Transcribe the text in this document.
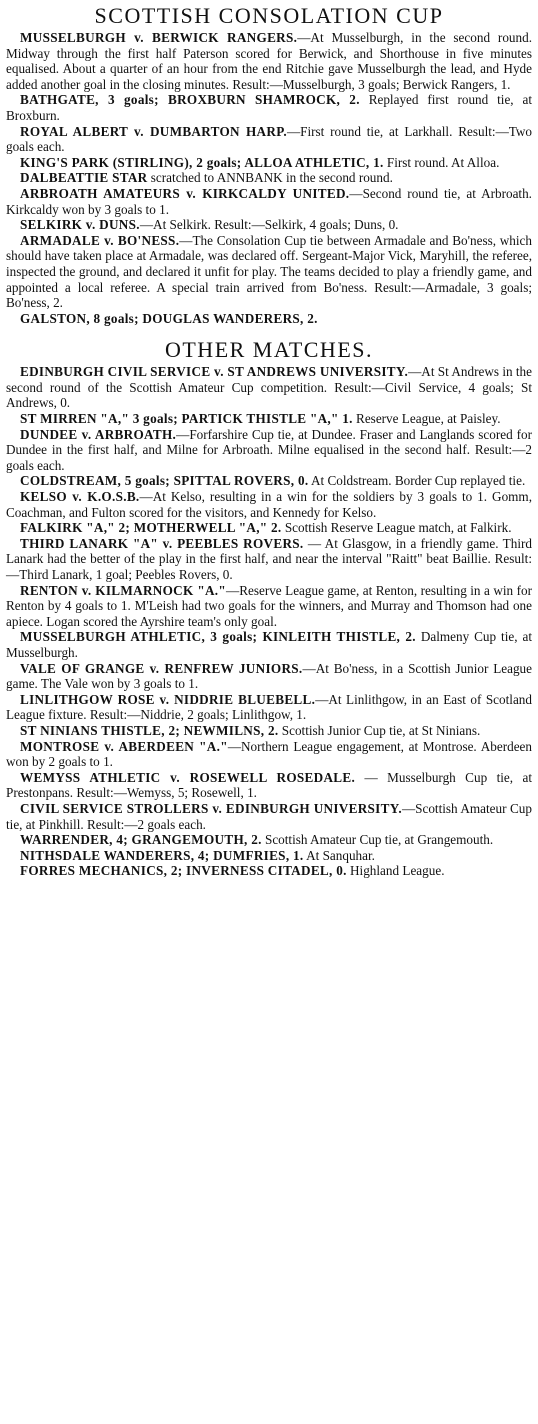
SCOTTISH CONSOLATION CUP

MUSSELBURGH v. BERWICK RANGERS.—At Musselburgh, in the second round. Midway through the first half Paterson scored for Berwick, and Shorthouse in five minutes equalised. About a quarter of an hour from the end Ritchie gave Musselburgh the lead, and Hyde added another goal in the closing minutes. Result:—Musselburgh, 3 goals; Berwick Rangers, 1.

BATHGATE, 3 goals; BROXBURN SHAMROCK, 2. Replayed first round tie, at Broxburn.

ROYAL ALBERT v. DUMBARTON HARP.—First round tie, at Larkhall. Result:—Two goals each.

KING'S PARK (STIRLING), 2 goals; ALLOA ATHLETIC, 1. First round. At Alloa.

DALBEATTIE STAR scratched to ANNBANK in the second round.

ARBROATH AMATEURS v. KIRKCALDY UNITED.—Second round tie, at Arbroath. Kirkcaldy won by 3 goals to 1.

SELKIRK v. DUNS.—At Selkirk. Result:—Selkirk, 4 goals; Duns, 0.

ARMADALE v. BO'NESS.—The Consolation Cup tie between Armadale and Bo'ness, which should have taken place at Armadale, was declared off. Sergeant-Major Vick, Maryhill, the referee, inspected the ground, and declared it unfit for play. The teams decided to play a friendly game, and appointed a local referee. A special train arrived from Bo'ness. Result:—Armadale, 3 goals; Bo'ness, 2.

GALSTON, 8 goals; DOUGLAS WANDERERS, 2.

OTHER MATCHES.

EDINBURGH CIVIL SERVICE v. ST ANDREWS UNIVERSITY.—At St Andrews in the second round of the Scottish Amateur Cup competition. Result:—Civil Service, 4 goals; St Andrews, 0.

ST MIRREN "A," 3 goals; PARTICK THISTLE "A," 1. Reserve League, at Paisley.

DUNDEE v. ARBROATH.—Forfarshire Cup tie, at Dundee. Fraser and Langlands scored for Dundee in the first half, and Milne for Arbroath. Milne equalised in the second half. Result:—2 goals each.

COLDSTREAM, 5 goals; SPITTAL ROVERS, 0. At Coldstream. Border Cup replayed tie.

KELSO v. K.O.S.B.—At Kelso, resulting in a win for the soldiers by 3 goals to 1. Gomm, Coachman, and Fulton scored for the visitors, and Kennedy for Kelso.

FALKIRK "A," 2; MOTHERWELL "A," 2. Scottish Reserve League match, at Falkirk.

THIRD LANARK "A" v. PEEBLES ROVERS. — At Glasgow, in a friendly game. Third Lanark had the better of the play in the first half, and near the interval "Raitt" beat Baillie. Result:—Third Lanark, 1 goal; Peebles Rovers, 0.

RENTON v. KILMARNOCK "A."—Reserve League game, at Renton, resulting in a win for Renton by 4 goals to 1. M'Leish had two goals for the winners, and Murray and Thomson had one apiece. Logan scored the Ayrshire team's only goal.

MUSSELBURGH ATHLETIC, 3 goals; KINLEITH THISTLE, 2. Dalmeny Cup tie, at Musselburgh.

VALE OF GRANGE v. RENFREW JUNIORS.—At Bo'ness, in a Scottish Junior League game. The Vale won by 3 goals to 1.

LINLITHGOW ROSE v. NIDDRIE BLUEBELL.—At Linlithgow, in an East of Scotland League fixture. Result:—Niddrie, 2 goals; Linlithgow, 1.

ST NINIANS THISTLE, 2; NEWMILNS, 2. Scottish Junior Cup tie, at St Ninians.

MONTROSE v. ABERDEEN "A."—Northern League engagement, at Montrose. Aberdeen won by 2 goals to 1.

WEMYSS ATHLETIC v. ROSEWELL ROSEDALE. — Musselburgh Cup tie, at Prestonpans. Result:—Wemyss, 5; Rosewell, 1.

CIVIL SERVICE STROLLERS v. EDINBURGH UNIVERSITY.—Scottish Amateur Cup tie, at Pinkhill. Result:—2 goals each.

WARRENDER, 4; GRANGEMOUTH, 2. Scottish Amateur Cup tie, at Grangemouth.

NITHSDALE WANDERERS, 4; DUMFRIES, 1. At Sanquhar.

FORRES MECHANICS, 2; INVERNESS CITADEL, 0. Highland League.
